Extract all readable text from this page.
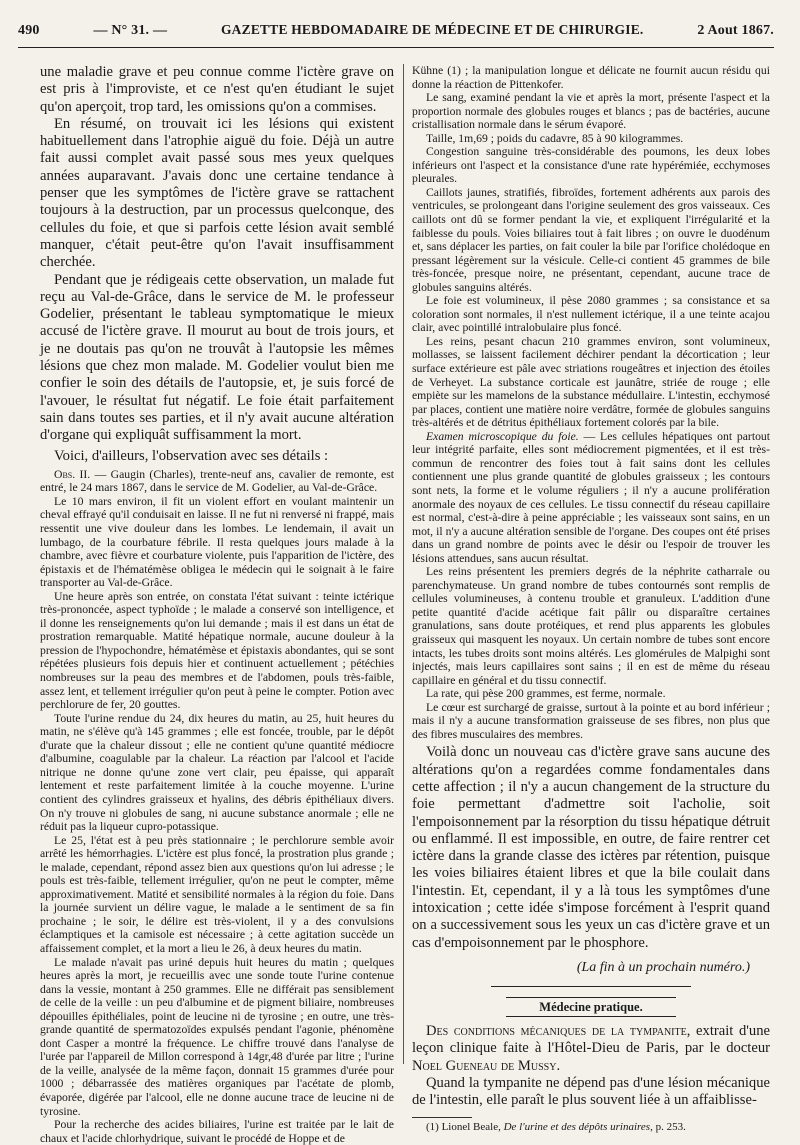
490	— N° 31. —	GAZETTE HEBDOMADAIRE DE MÉDECINE ET DE CHIRURGIE.	2 Aout 1867.

une maladie grave et peu connue comme l'ictère grave on est pris à l'improviste, et ce n'est qu'en étudiant le sujet qu'on aperçoit, trop tard, les omissions qu'on a commises.

En résumé, on trouvait ici les lésions qui existent habituellement dans l'atrophie aiguë du foie. Déjà un autre fait aussi complet avait passé sous mes yeux quelques années auparavant. J'avais donc une certaine tendance à penser que les symptômes de l'ictère grave se rattachent toujours à la destruction, par un processus quelconque, des cellules du foie, et que si parfois cette lésion avait semblé manquer, c'était peut-être qu'on l'avait insuffisamment cherchée.

Pendant que je rédigeais cette observation, un malade fut reçu au Val-de-Grâce, dans le service de M. le professeur Godelier, présentant le tableau symptomatique le mieux accusé de l'ictère grave. Il mourut au bout de trois jours, et je ne doutais pas qu'on ne trouvât à l'autopsie les mêmes lésions que chez mon malade. M. Godelier voulut bien me confier le soin des détails de l'autopsie, et, je suis forcé de l'avouer, le résultat fut négatif. Le foie était parfaitement sain dans toutes ses parties, et il n'y avait aucune altération d'organe qui expliquât suffisamment la mort.

Voici, d'ailleurs, l'observation avec ses détails :

Obs. II. — Gaugin (Charles), trente-neuf ans, cavalier de remonte, est entré, le 24 mars 1867, dans le service de M. Godelier, au Val-de-Grâce.

Le 10 mars environ, il fit un violent effort en voulant maintenir un cheval effrayé qu'il conduisait en laisse. Il ne fut ni renversé ni frappé, mais ressentit une vive douleur dans les lombes. Le lendemain, il avait un lumbago, de la courbature fébrile. Il resta quelques jours malade à la chambre, avec fièvre et courbature violente, puis l'apparition de l'ictère, des épistaxis et de l'hématémèse obligea le médecin qui le soignait à le faire transporter au Val-de-Grâce.

Une heure après son entrée, on constata l'état suivant : teinte ictérique très-prononcée, aspect typhoïde ; le malade a conservé son intelligence, et il donne les renseignements qu'on lui demande ; mais il est dans un état de prostration remarquable. Matité hépatique normale, aucune douleur à la pression de l'hypochondre, hématémèse et épistaxis abondantes, qui se sont répétées plusieurs fois depuis hier et continuent actuellement ; pétéchies nombreuses sur la peau des membres et de l'abdomen, pouls très-faible, assez lent, et tellement irrégulier qu'on peut à peine le compter. Potion avec perchlorure de fer, 20 gouttes.

Toute l'urine rendue du 24, dix heures du matin, au 25, huit heures du matin, ne s'élève qu'à 145 grammes ; elle est foncée, trouble, par le dépôt d'urate que la chaleur dissout ; elle ne contient qu'une quantité médiocre d'albumine, coagulable par la chaleur. La réaction par l'alcool et l'acide nitrique ne donne qu'une zone vert clair, peu épaisse, qui apparaît lentement et reste parfaitement limitée à la couche moyenne. L'urine contient des cylindres graisseux et hyalins, des débris épithéliaux divers. On n'y trouve ni globules de sang, ni aucune substance anormale ; elle ne réduit pas la liqueur cupro-potassique.

Le 25, l'état est à peu près stationnaire ; le perchlorure semble avoir arrêté les hémorrhagies. L'ictère est plus foncé, la prostration plus grande ; le malade, cependant, répond assez bien aux questions qu'on lui adresse ; le pouls est très-faible, tellement irrégulier, qu'on ne peut le compter, même approximativement. Matité et sensibilité normales à la région du foie. Dans la journée survient un délire vague, le malade a le sentiment de sa fin prochaine ; le soir, le délire est très-violent, il y a des convulsions éclamptiques et la camisole est nécessaire ; à cette agitation succède un affaissement complet, et la mort a lieu le 26, à deux heures du matin.

Le malade n'avait pas uriné depuis huit heures du matin ; quelques heures après la mort, je recueillis avec une sonde toute l'urine contenue dans la vessie, montant à 250 grammes. Elle ne différait pas sensiblement de celle de la veille : un peu d'albumine et de pigment biliaire, nombreuses dépouilles épithéliales, point de leucine ni de tyrosine ; en outre, une très-grande quantité de spermatozoïdes expulsés pendant l'agonie, phénomène dont Casper a montré la fréquence. Le chiffre trouvé dans l'analyse de l'urée par l'appareil de Millon correspond à 14gr,48 d'urée par litre ; l'urine de la veille, analysée de la même façon, donnait 15 grammes d'urée pour 1000 ; débarrassée des matières organiques par l'acétate de plomb, évaporée, digérée par l'alcool, elle ne donne aucune trace de leucine ni de tyrosine.

Pour la recherche des acides biliaires, l'urine est traitée par le lait de chaux et l'acide chlorhydrique, suivant le procédé de Hoppe et de

Kühne (1) ; la manipulation longue et délicate ne fournit aucun résidu qui donne la réaction de Pittenkofer.

Le sang, examiné pendant la vie et après la mort, présente l'aspect et la proportion normale des globules rouges et blancs ; pas de bactéries, aucune cristallisation normale dans le sérum évaporé.

Taille, 1m,69 ; poids du cadavre, 85 à 90 kilogrammes.

Congestion sanguine très-considérable des poumons, les deux lobes inférieurs ont l'aspect et la consistance d'une rate hypérémiée, ecchymoses pleurales.

Caillots jaunes, stratifiés, fibroïdes, fortement adhérents aux parois des ventricules, se prolongeant dans l'origine seulement des gros vaisseaux. Ces caillots ont dû se former pendant la vie, et expliquent l'irrégularité et la faiblesse du pouls. Voies biliaires tout à fait libres ; on ouvre le duodénum et, sans déplacer les parties, on fait couler la bile par l'orifice cholédoque en pressant légèrement sur la vésicule. Celle-ci contient 45 grammes de bile très-foncée, presque noire, ne présentant, cependant, aucune trace de globules sanguins altérés.

Le foie est volumineux, il pèse 2080 grammes ; sa consistance et sa coloration sont normales, il n'est nullement ictérique, il a une teinte acajou clair, avec pointillé intralobulaire plus foncé.

Les reins, pesant chacun 210 grammes environ, sont volumineux, mollasses, se laissent facilement déchirer pendant la décortication ; leur surface extérieure est pâle avec striations rougeâtres et injection des étoiles de Verheyet. La substance corticale est jaunâtre, striée de rouge ; elle empiète sur les mamelons de la substance médullaire. L'intestin, ecchymosé par places, contient une matière noire verdâtre, formée de globules sanguins très-altérés et de détritus épithéliaux fortement colorés par la bile.

Examen microscopique du foie. — Les cellules hépatiques ont partout leur intégrité parfaite, elles sont médiocrement pigmentées, et il est très-commun de rencontrer des foies tout à fait sains dont les cellules contiennent une plus grande quantité de globules graisseux ; les contours sont nets, la forme et le volume réguliers ; il n'y a aucune prolifération anormale des noyaux de ces cellules. Le tissu connectif du réseau capillaire est normal, c'est-à-dire à peine appréciable ; les vaisseaux sont sains, en un mot, il n'y a aucune altération sensible de l'organe. Des coupes ont été prises dans un grand nombre de points avec le désir ou l'espoir de trouver les lésions attendues, sans aucun résultat.

Les reins présentent les premiers degrés de la néphrite catharrale ou parenchymateuse. Un grand nombre de tubes contournés sont remplis de cellules volumineuses, à contenu trouble et granuleux. L'addition d'une petite quantité d'acide acétique fait pâlir ou disparaître certaines granulations, sans doute protéiques, et rend plus apparents les globules graisseux qui masquent les noyaux. Un certain nombre de tubes sont encore intacts, les tubes droits sont moins altérés. Les glomérules de Malpighi sont injectés, mais leurs capillaires sont sains ; il en est de même du réseau capillaire en général et du tissu connectif.

La rate, qui pèse 200 grammes, est ferme, normale.

Le cœur est surchargé de graisse, surtout à la pointe et au bord inférieur ; mais il n'y a aucune transformation graisseuse de ses fibres, non plus que des fibres musculaires des membres.

Voilà donc un nouveau cas d'ictère grave sans aucune des altérations qu'on a regardées comme fondamentales dans cette affection ; il n'y a aucun changement de la structure du foie permettant d'admettre soit l'acholie, soit l'empoisonnement par la résorption du tissu hépatique détruit ou enflammé. Il est impossible, en outre, de faire rentrer cet ictère dans la grande classe des ictères par rétention, puisque les voies biliaires étaient libres et que la bile coulait dans l'intestin. Et, cependant, il y a là tous les symptômes d'une intoxication ; cette idée s'impose forcément à l'esprit quand on a successivement sous les yeux un cas d'ictère grave et un cas d'empoisonnement par le phosphore.

(La fin à un prochain numéro.)

Médecine pratique.

Des conditions mécaniques de la tympanite, extrait d'une leçon clinique faite à l'Hôtel-Dieu de Paris, par le docteur Noel Gueneau de Mussy.

Quand la tympanite ne dépend pas d'une lésion mécanique de l'intestin, elle paraît le plus souvent liée à un affaiblisse-

(1) Lionel Beale, De l'urine et des dépôts urinaires, p. 253.
